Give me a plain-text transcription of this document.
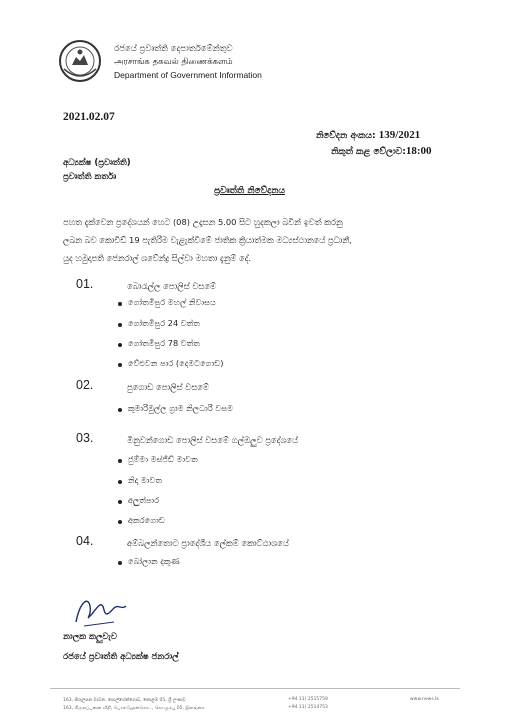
රජයේ ප්‍රවෘත්ති දෙපාර්තමේන්තුව
அரசாங்க தகவல் திணைக்களம்
Department of Government Information
2021.02.07
නිවේදන අංකය: 139/2021
නිකුත් කළ වේලාව:18:00
අධ්‍යක්ෂ (ප්‍රවෘත්ති)
ප්‍රවෘත්ති කර්තෘ
ප්‍රවෘත්ති නිවේදනය
පහත දැක්වෙන ප්‍රදේශයන් හෙට (08) උදෑසන 5.00 සිට හුදකලා බවින් ඉවත් කරනු
ලබන බව කොවිඩ් 19 පැතිරීම වැළැක්වීමේ ජාතික ක්‍රියාත්මක මධ්‍යස්ථානයේ ප්‍රධානී,
යුද හමුදාපති ජෙනරාල් ශවේන්ද්‍ර සිල්වා මහතා දැනුම් දේ.
01.	බොරැල්ල පොලිස් වසමේ
ගෝතමීපුර මහල් නිවාසය
ගෝතමීපුර 24 වත්ත
ගෝතමීපුර 78 වත්ත
වේළුවන පාර (දෙමටගොඩ)
02.	පුගොඩ පොලිස් වසමේ
කුමාරිමුල්ල ග්‍රාම නිලධාරි වසම
03.	මීනුවන්ගොඩ පොලිස් වසමේ ගල්ඔලුව ප්‍රදේශයේ
ජුම්මා මස්ජිඩ් මාවත
නිදා මාවත
අලුත්පාර
අකරගොඩ
04.	අම්බලන්තොට ප්‍රාදේශීය ලේකම් කොට්ඨාශයේ
බෝලාන දකුණ
නාලක කලුවැව
රජයේ ප්‍රවෘත්ති අධ්‍යක්ෂ ජනරාල්
163, කිරුලපන මාවත, පොල්හේන්ගොඩ, කොළඹ 05, ශ්‍රී ලංකාව
163, கிருலப்பனை வீதி, பொல்ஹேன்கொட, கொழும்பு 05, இலங்கை
+94 11) 2515759
+94 11) 2514753
www.news.lk
